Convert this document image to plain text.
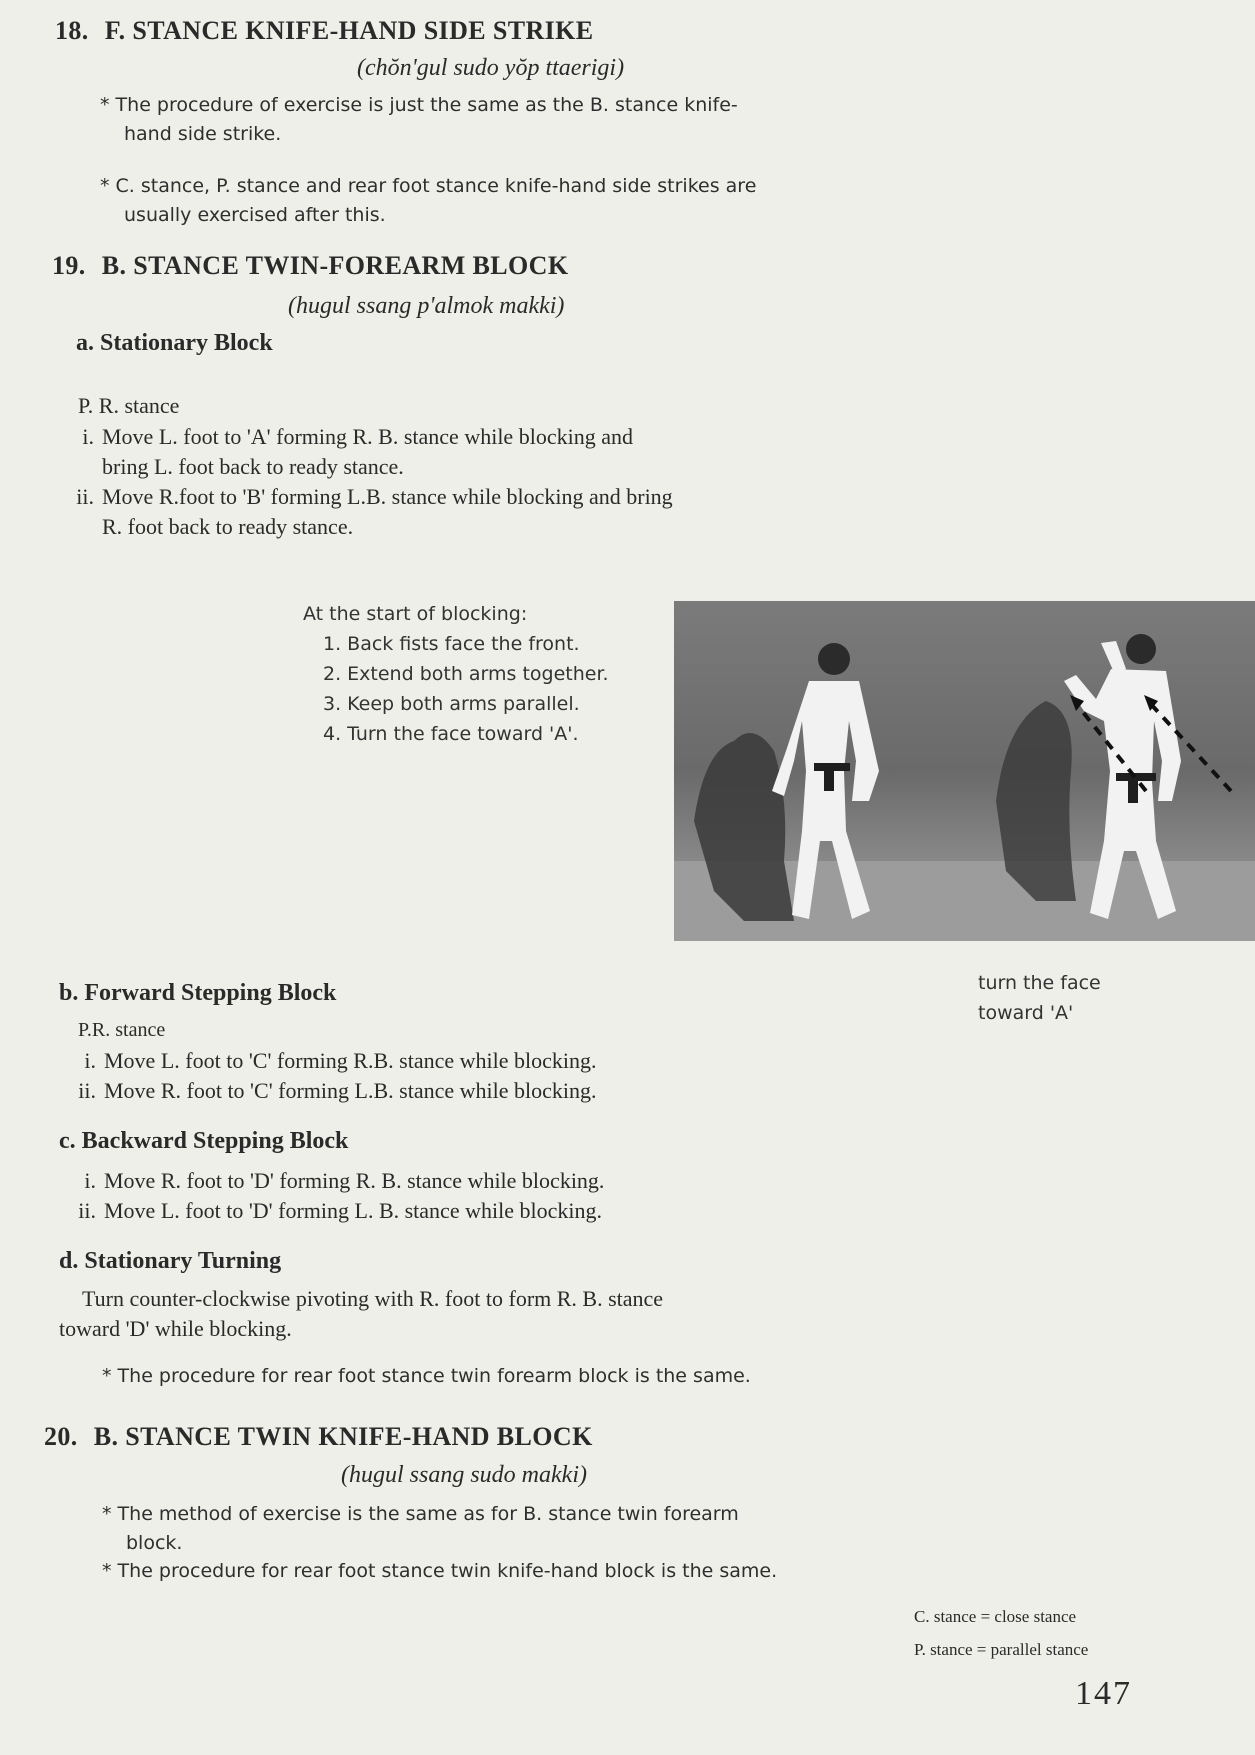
18. F. STANCE KNIFE-HAND SIDE STRIKE
(chŏn'gul sudo yŏp ttaerigi)

* The procedure of exercise is just the same as the B. stance knife-

hand side strike.

* C. stance, P. stance and rear foot stance knife-hand side strikes are

usually exercised after this.

19. B. STANCE TWIN-FOREARM BLOCK
(hugul ssang p'almok makki)
a. Stationary Block
P. R. stance
i. Move L. foot to 'A' forming R. B. stance while blocking and
bring L. foot back to ready stance.
ii. Move R.foot to 'B' forming L.B. stance while blocking and bring
R. foot back to ready stance.
At the start of blocking:
1. Back fists face the front.
2. Extend both arms together.
3. Keep both arms parallel.
4. Turn the face toward 'A'.
turn the face
toward 'A'
b. Forward Stepping Block
P.R. stance
i. Move L. foot to 'C' forming R.B. stance while blocking.
ii. Move R. foot to 'C' forming L.B. stance while blocking.
c. Backward Stepping Block
i. Move R. foot to 'D' forming R. B. stance while blocking.
ii. Move L. foot to 'D' forming L. B. stance while blocking.
d. Stationary Turning
Turn counter-clockwise pivoting with R. foot to form R. B. stance
toward 'D' while blocking.
* The procedure for rear foot stance twin forearm block is the same.
20. B. STANCE TWIN KNIFE-HAND BLOCK
(hugul ssang sudo makki)

* The method of exercise is the same as for B. stance twin forearm

block.

* The procedure for rear foot stance twin knife-hand block is the same.
C. stance = close stance
P. stance = parallel stance
147
